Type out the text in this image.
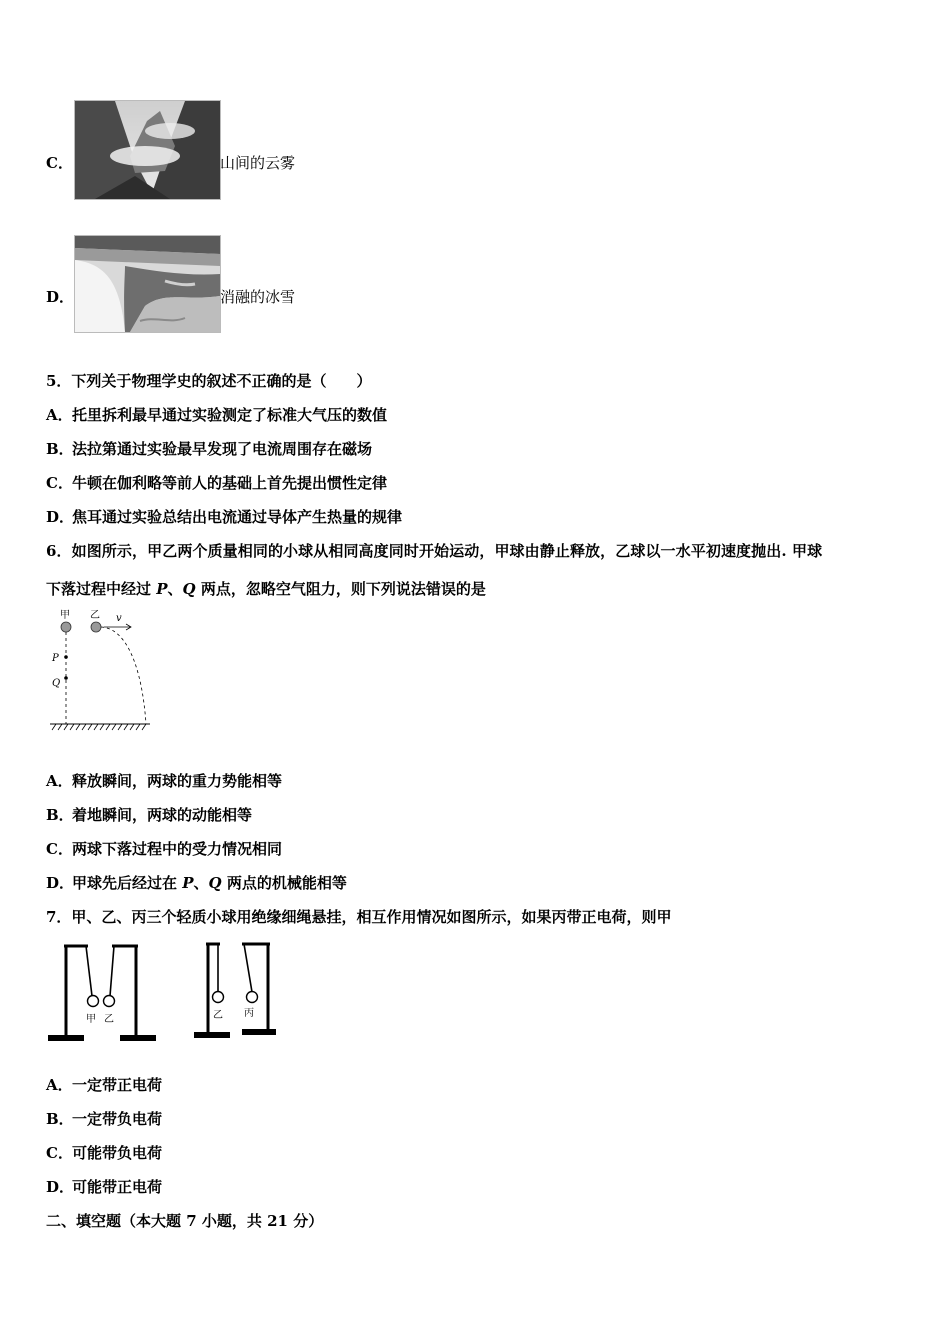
C．	山间的云雾
D．	消融的冰雪
5．下列关于物理学史的叙述不正确的是（　　）
A．托里拆利最早通过实验测定了标准大气压的数值
B．法拉第通过实验最早发现了电流周围存在磁场
C．牛顿在伽利略等前人的基础上首先提出惯性定律
D．焦耳通过实验总结出电流通过导体产生热量的规律
6．如图所示，甲乙两个质量相同的小球从相同高度同时开始运动，甲球由静止释放，乙球以一水平初速度抛出. 甲球
下落过程中经过 P、Q 两点，忽略空气阻力，则下列说法错误的是
甲 乙 v
P
Q
A．释放瞬间，两球的重力势能相等
B．着地瞬间，两球的动能相等
C．两球下落过程中的受力情况相同
D．甲球先后经过在 P、Q 两点的机械能相等
7．甲、乙、丙三个轻质小球用绝缘细绳悬挂，相互作用情况如图所示，如果丙带正电荷，则甲
甲 乙	乙 丙
A．一定带正电荷
B．一定带负电荷
C．可能带负电荷
D．可能带正电荷
二、填空题（本大题 7 小题，共 21 分）
